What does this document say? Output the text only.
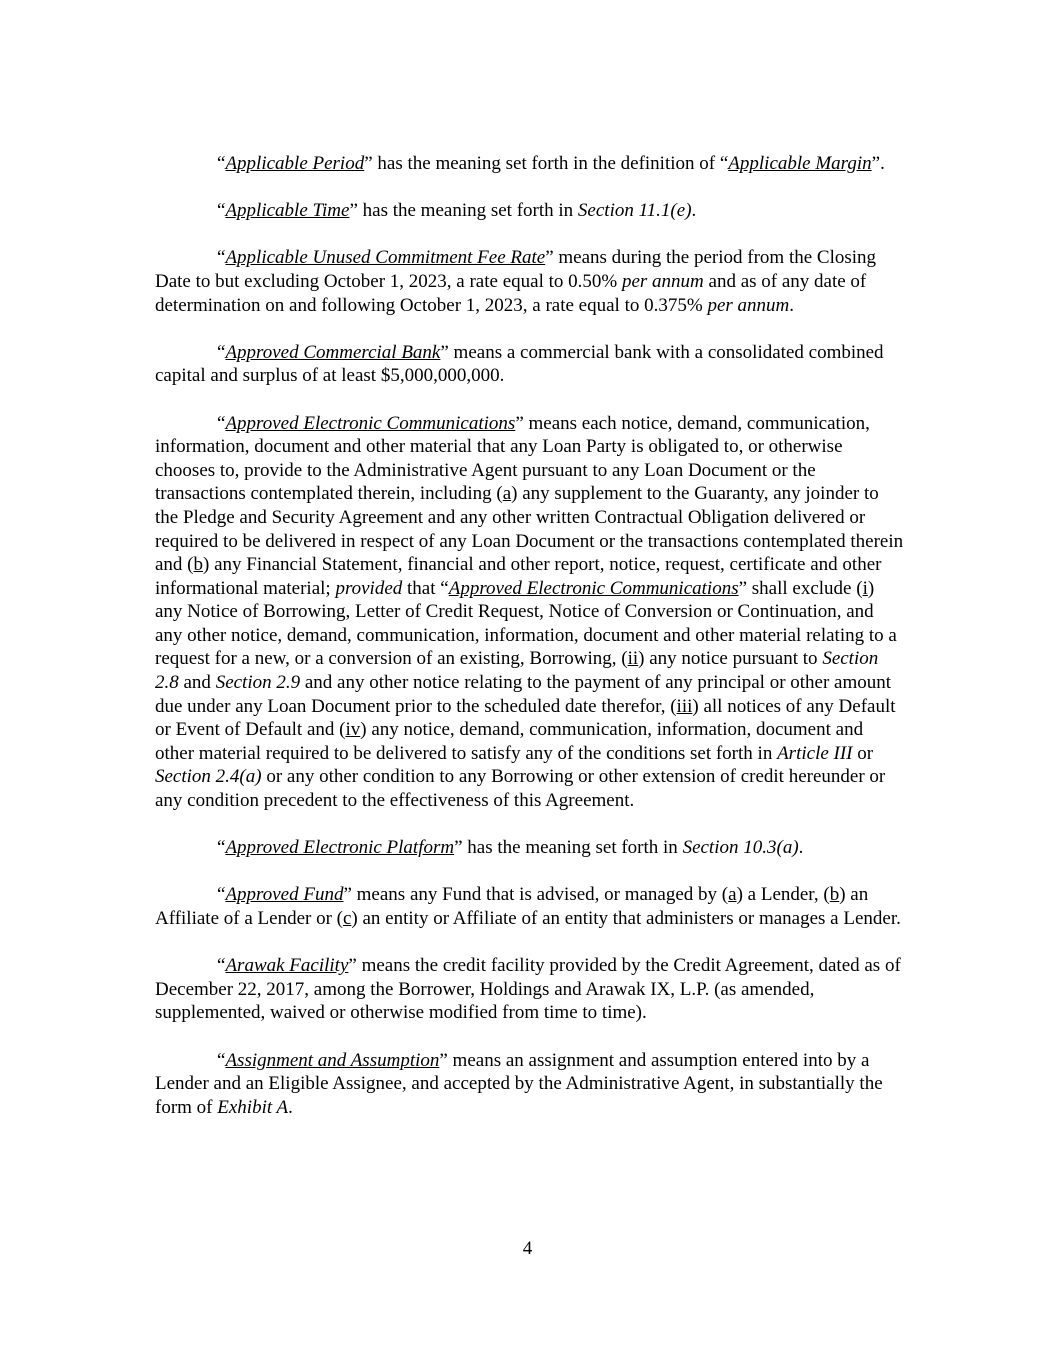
“Applicable Period” has the meaning set forth in the definition of “Applicable Margin”.

“Applicable Time” has the meaning set forth in Section 11.1(e).

“Applicable Unused Commitment Fee Rate” means during the period from the Closing Date to but excluding October 1, 2023, a rate equal to 0.50% per annum and as of any date of determination on and following October 1, 2023, a rate equal to 0.375% per annum.

“Approved Commercial Bank” means a commercial bank with a consolidated combined capital and surplus of at least $5,000,000,000.

“Approved Electronic Communications” means each notice, demand, communication, information, document and other material that any Loan Party is obligated to, or otherwise chooses to, provide to the Administrative Agent pursuant to any Loan Document or the transactions contemplated therein, including (a) any supplement to the Guaranty, any joinder to the Pledge and Security Agreement and any other written Contractual Obligation delivered or required to be delivered in respect of any Loan Document or the transactions contemplated therein and (b) any Financial Statement, financial and other report, notice, request, certificate and other informational material; provided that “Approved Electronic Communications” shall exclude (i) any Notice of Borrowing, Letter of Credit Request, Notice of Conversion or Continuation, and any other notice, demand, communication, information, document and other material relating to a request for a new, or a conversion of an existing, Borrowing, (ii) any notice pursuant to Section 2.8 and Section 2.9 and any other notice relating to the payment of any principal or other amount due under any Loan Document prior to the scheduled date therefor, (iii) all notices of any Default or Event of Default and (iv) any notice, demand, communication, information, document and other material required to be delivered to satisfy any of the conditions set forth in Article III or Section 2.4(a) or any other condition to any Borrowing or other extension of credit hereunder or any condition precedent to the effectiveness of this Agreement.

“Approved Electronic Platform” has the meaning set forth in Section 10.3(a).

“Approved Fund” means any Fund that is advised, or managed by (a) a Lender, (b) an Affiliate of a Lender or (c) an entity or Affiliate of an entity that administers or manages a Lender.

“Arawak Facility” means the credit facility provided by the Credit Agreement, dated as of December 22, 2017, among the Borrower, Holdings and Arawak IX, L.P. (as amended, supplemented, waived or otherwise modified from time to time).

“Assignment and Assumption” means an assignment and assumption entered into by a Lender and an Eligible Assignee, and accepted by the Administrative Agent, in substantially the form of Exhibit A.

4
